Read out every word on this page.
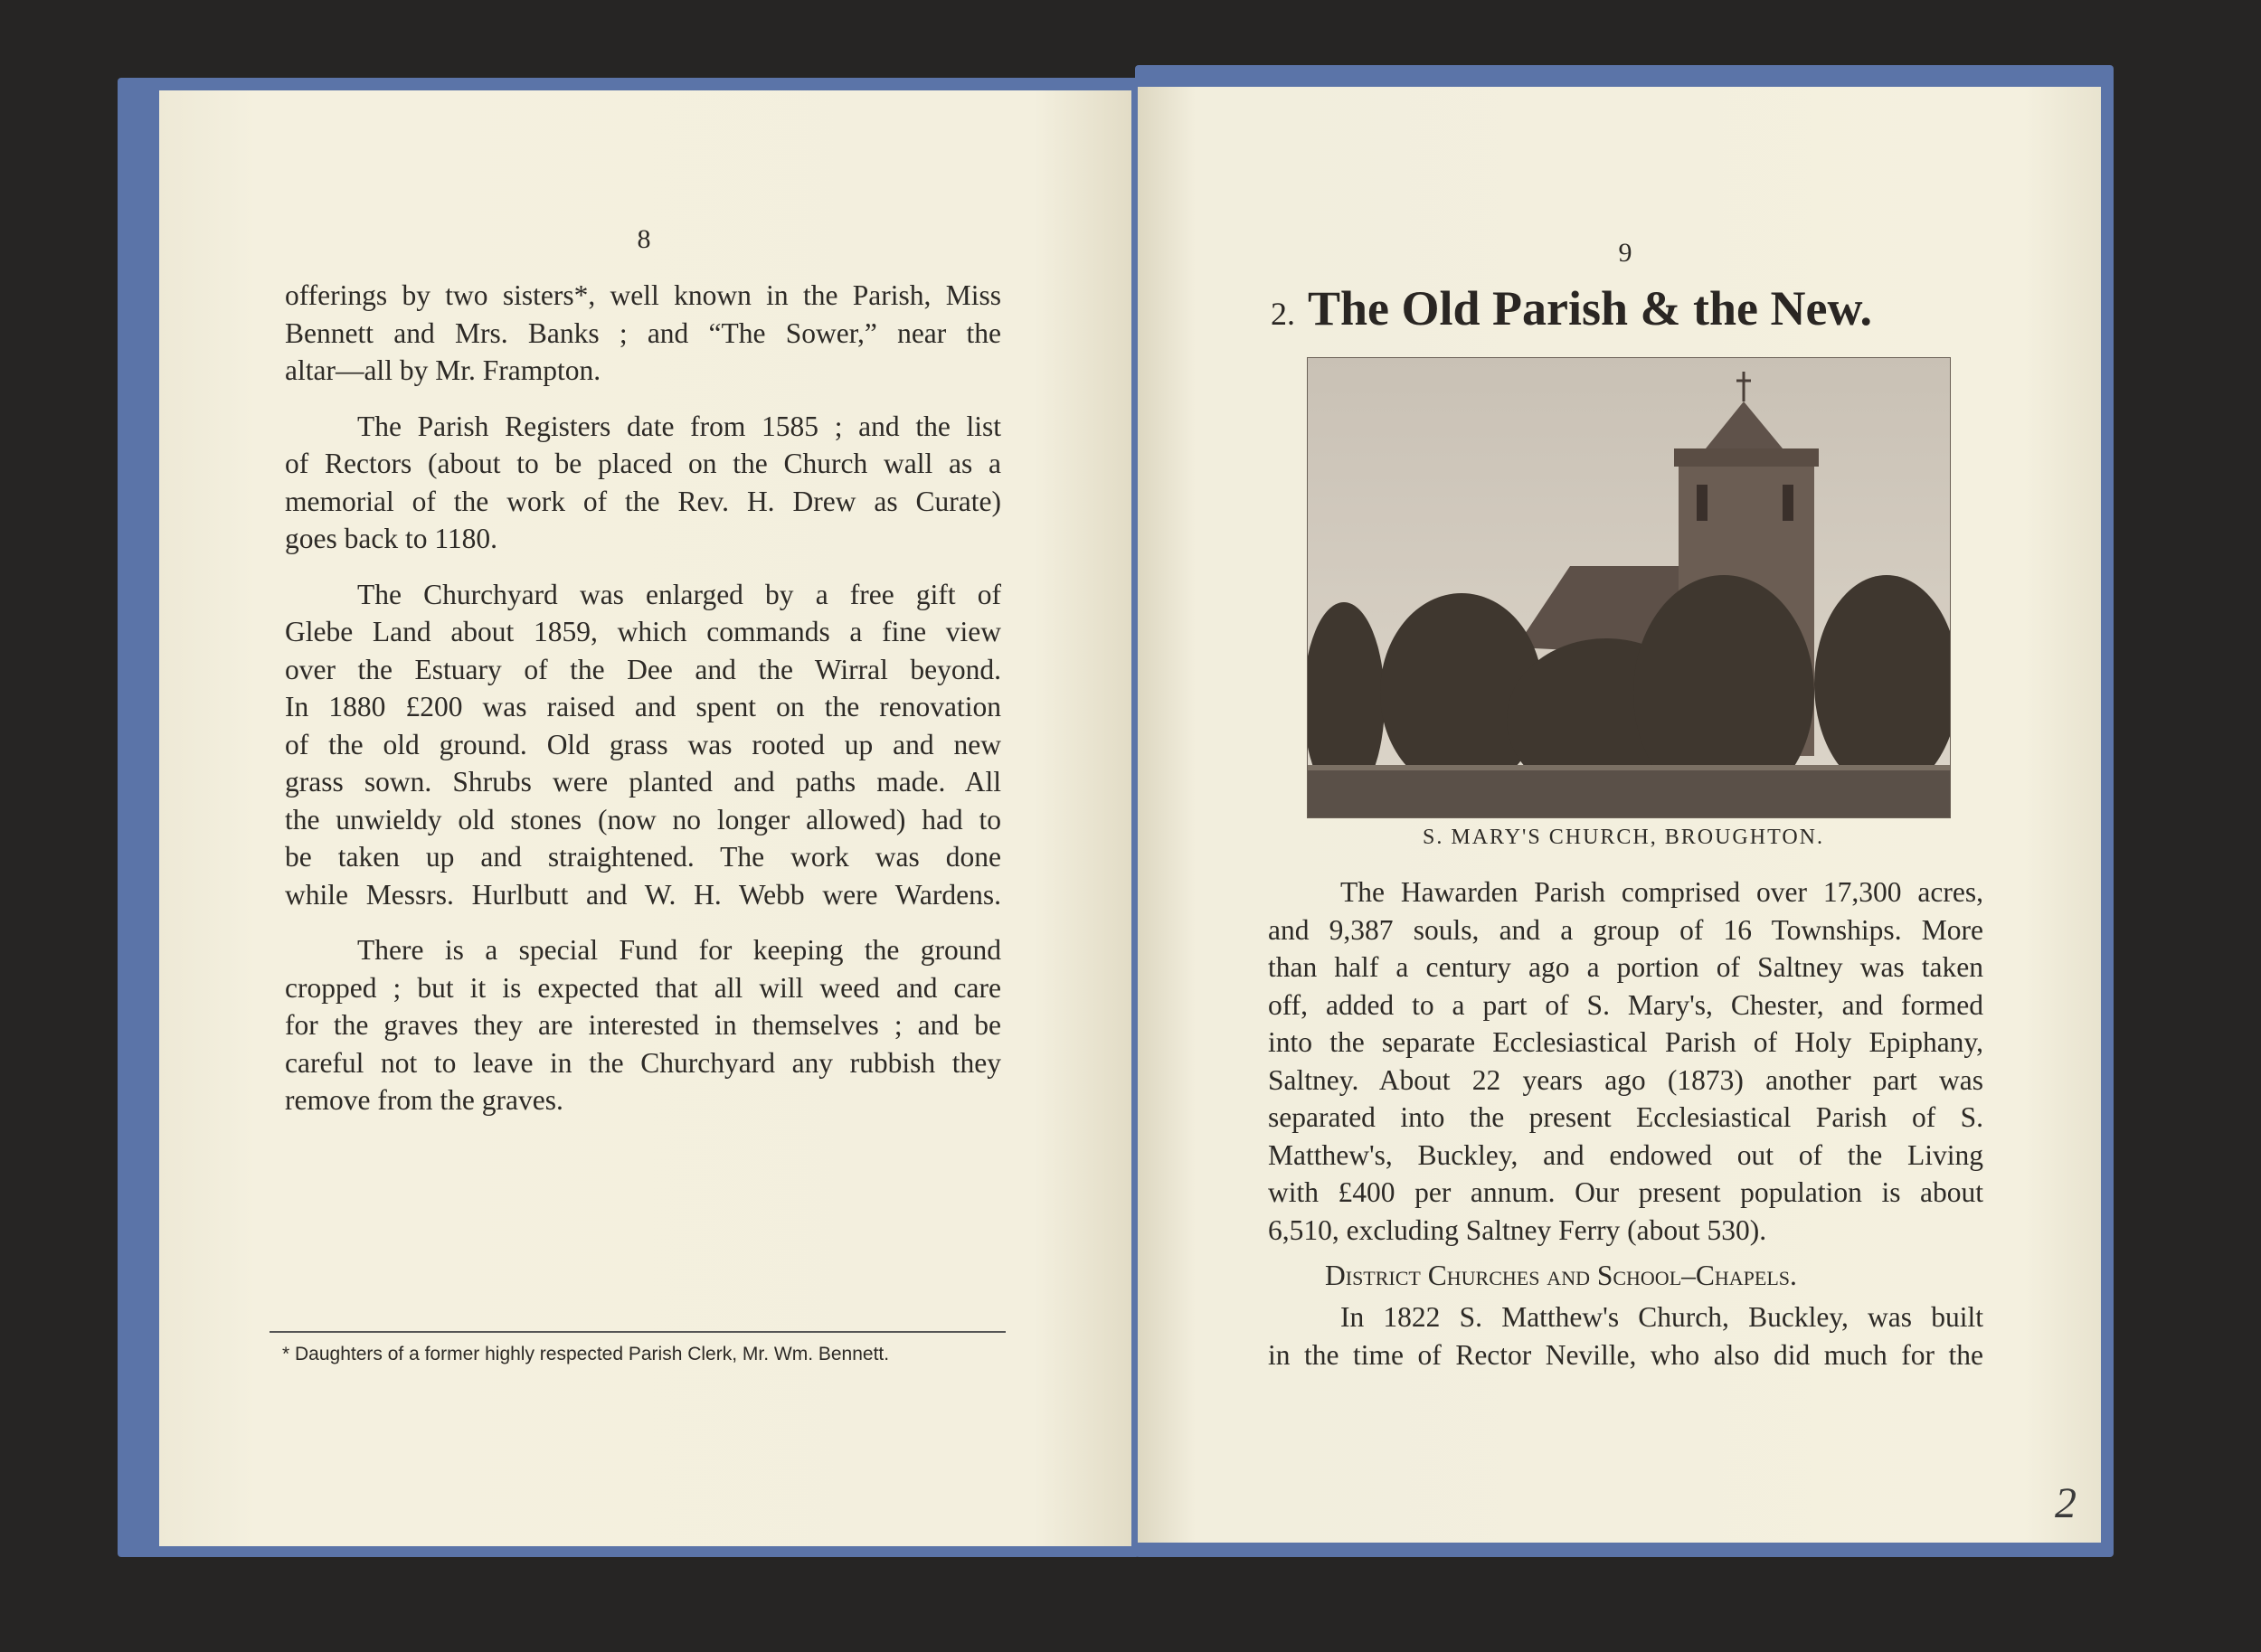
8
offerings by two sisters*, well known in the Parish, Miss
Bennett and Mrs. Banks ; and “The Sower,” near the
altar—all by Mr. Frampton.
The Parish Registers date from 1585 ; and the list
of Rectors (about to be placed on the Church wall as a
memorial of the work of the Rev. H. Drew as Curate)
goes back to 1180.
The Churchyard was enlarged by a free gift of
Glebe Land about 1859, which commands a fine view
over the Estuary of the Dee and the Wirral beyond.
In 1880 £200 was raised and spent on the renovation
of the old ground. Old grass was rooted up and new
grass sown. Shrubs were planted and paths made. All
the unwieldy old stones (now no longer allowed) had to
be taken up and straightened. The work was done
while Messrs. Hurlbutt and W. H. Webb were Wardens.
There is a special Fund for keeping the ground
cropped ; but it is expected that all will weed and care
for the graves they are interested in themselves ; and be
careful not to leave in the Churchyard any rubbish they
remove from the graves.
* Daughters of a former highly respected Parish Clerk, Mr. Wm. Bennett.
9
2. The Old Parish & the New.
S. MARY'S CHURCH, BROUGHTON.
The Hawarden Parish comprised over 17,300 acres,
and 9,387 souls, and a group of 16 Townships. More
than half a century ago a portion of Saltney was taken
off, added to a part of S. Mary's, Chester, and formed
into the separate Ecclesiastical Parish of Holy Epiphany,
Saltney. About 22 years ago (1873) another part was
separated into the present Ecclesiastical Parish of S.
Matthew's, Buckley, and endowed out of the Living
with £400 per annum. Our present population is about
6,510, excluding Saltney Ferry (about 530).
District Churches and School–Chapels.
In 1822 S. Matthew's Church, Buckley, was built
in the time of Rector Neville, who also did much for the
2
